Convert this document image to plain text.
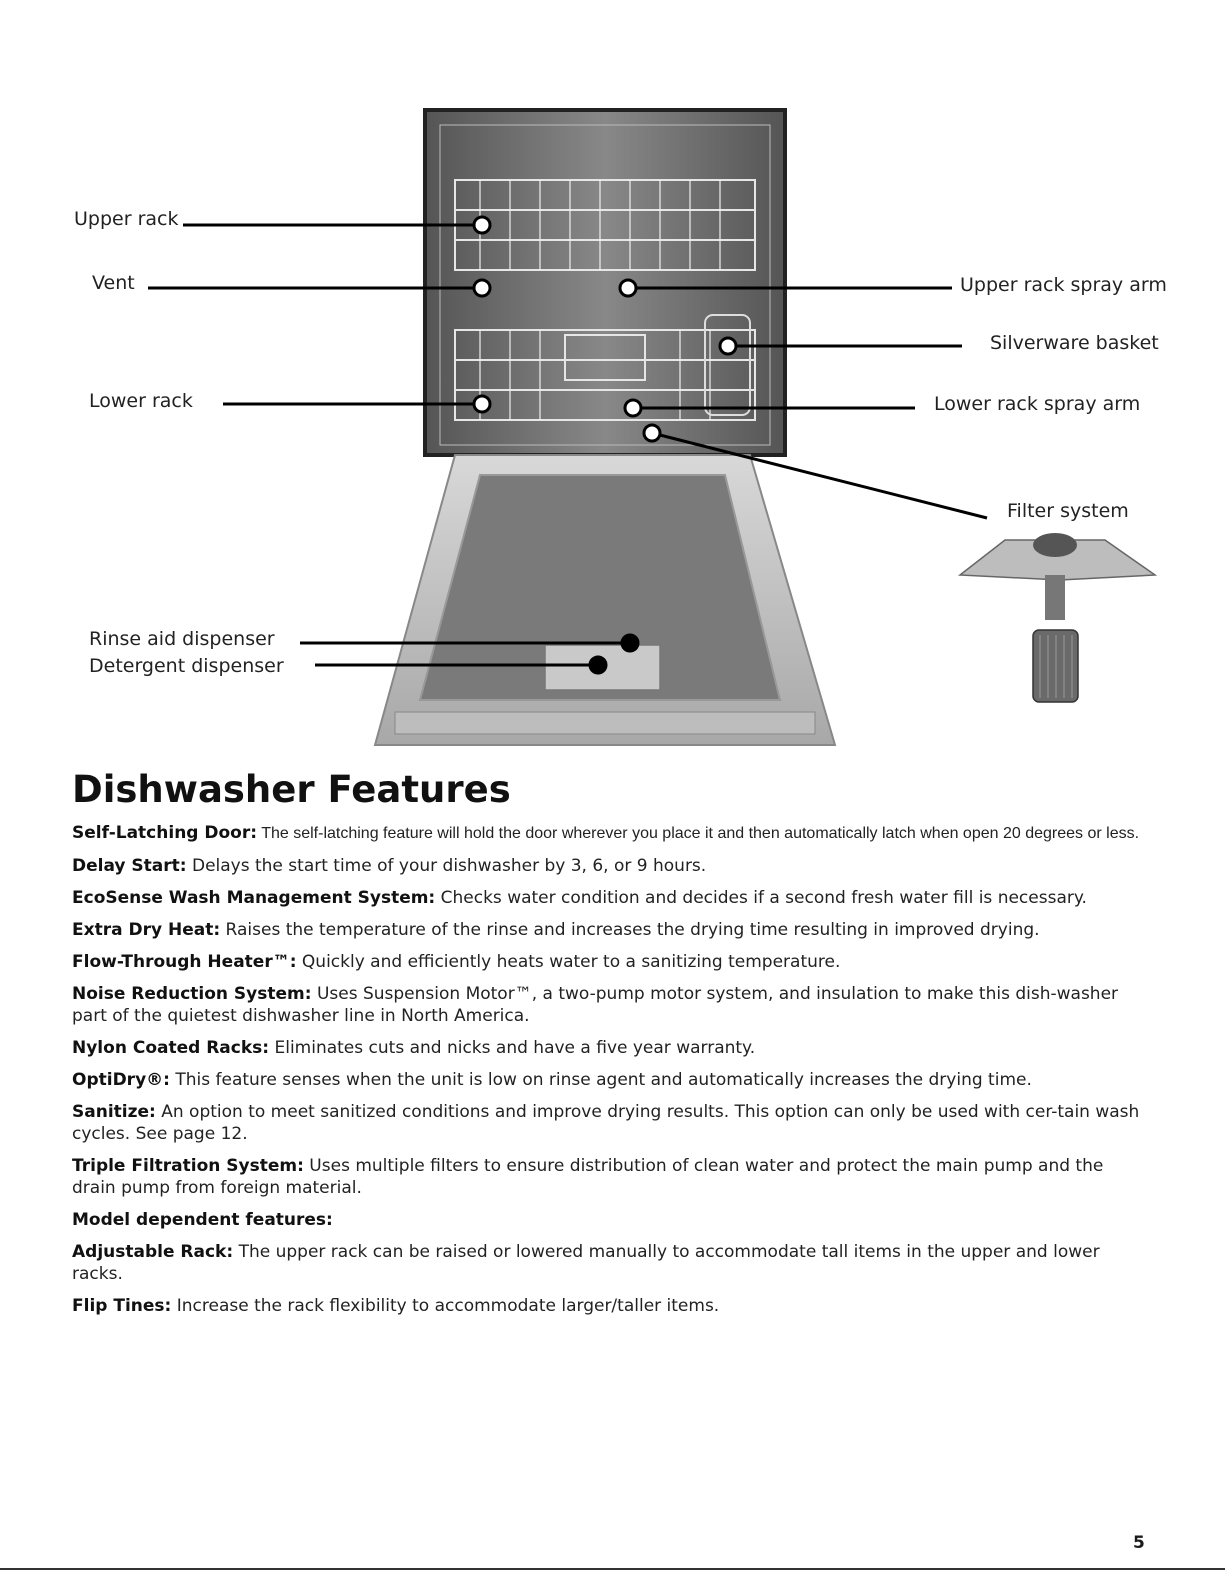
Upper rack
Vent
Lower rack
Rinse aid dispenser
Detergent dispenser
Upper rack spray arm
Silverware basket
Lower rack spray arm
Filter system
Dishwasher Features

Self-Latching Door: The self-latching feature will hold the door wherever you place it and then automatically latch when open 20 degrees or less.

Delay Start: Delays the start time of your dishwasher by 3, 6, or 9 hours.

EcoSense Wash Management System: Checks water condition and decides if a second fresh water fill is necessary.

Extra Dry Heat: Raises the temperature of the rinse and increases the drying time resulting in improved drying.

Flow-Through Heater™: Quickly and efficiently heats water to a sanitizing temperature.

Noise Reduction System: Uses Suspension Motor™, a two-pump motor system, and insulation to make this dish-washer part of the quietest dishwasher line in North America.

Nylon Coated Racks: Eliminates cuts and nicks and have a five year warranty.

OptiDry®: This feature senses when the unit is low on rinse agent and automatically increases the drying time.

Sanitize: An option to meet sanitized conditions and improve drying results. This option can only be used with cer-tain wash cycles. See page 12.

Triple Filtration System: Uses multiple filters to ensure distribution of clean water and protect the main pump and the drain pump from foreign material.

Model dependent features:

Adjustable Rack: The upper rack can be raised or lowered manually to accommodate tall items in the upper and lower racks.

Flip Tines: Increase the rack flexibility to accommodate larger/taller items.

5
